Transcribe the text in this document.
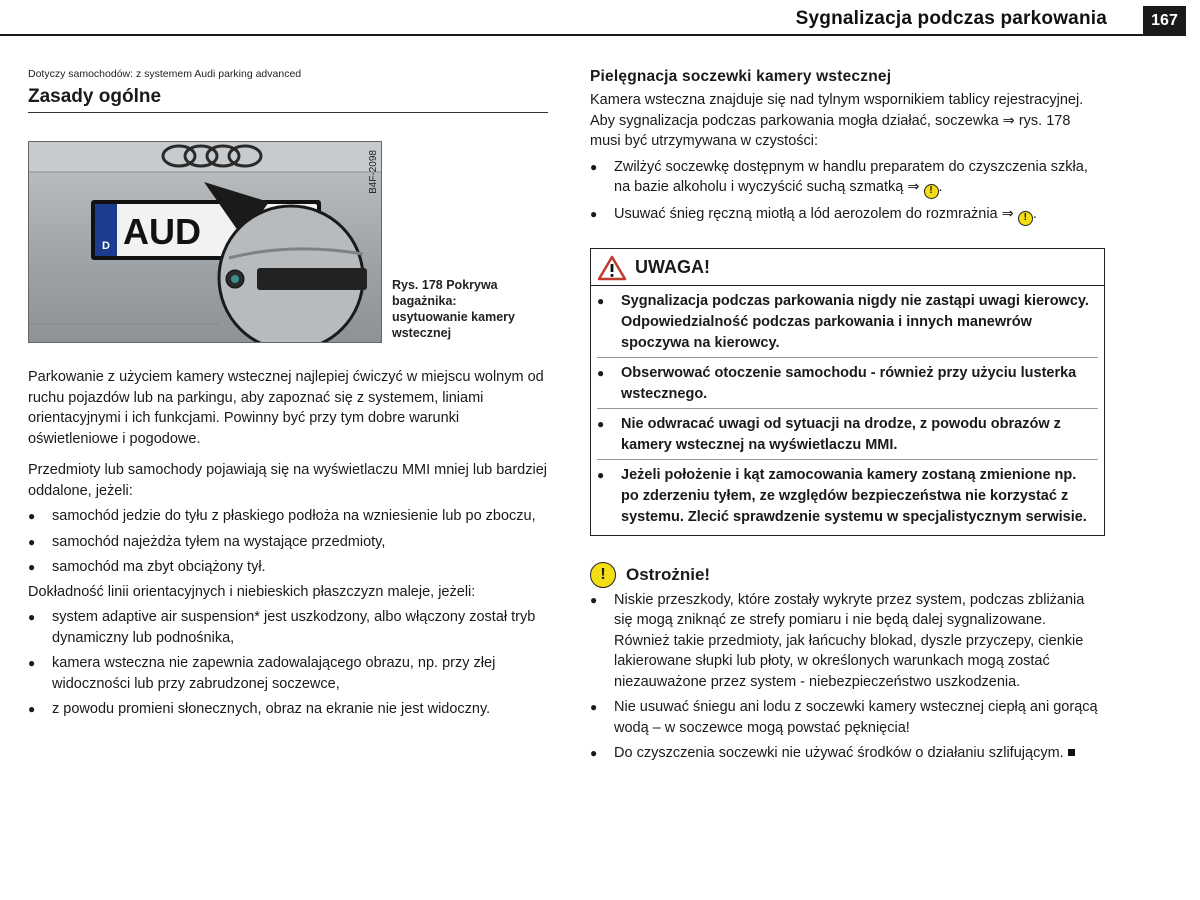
Sygnalizacja podczas parkowania	167
Dotyczy samochodów: z systemem Audi parking advanced
Zasady ogólne
D AUD
B4F-2098
Rys. 178 Pokrywa bagażnika: usytuowanie kamery wstecznej

Parkowanie z użyciem kamery wstecznej najlepiej ćwiczyć w miejscu wolnym od ruchu pojazdów lub na parkingu, aby zapoznać się z systemem, liniami orientacyjnymi i ich funkcjami. Powinny być przy tym dobre warunki oświetleniowe i pogodowe.

Przedmioty lub samochody pojawiają się na wyświetlaczu MMI mniej lub bardziej oddalone, jeżeli:

●	samochód jedzie do tyłu z płaskiego podłoża na wzniesienie lub po zboczu,
●	samochód najeżdża tyłem na wystające przedmioty,
●	samochód ma zbyt obciążony tył.

Dokładność linii orientacyjnych i niebieskich płaszczyzn maleje, jeżeli:

●	system adaptive air suspension* jest uszkodzony, albo włączony został tryb dynamiczny lub podnośnika,
●	kamera wsteczna nie zapewnia zadowalającego obrazu, np. przy złej widoczności lub przy zabrudzonej soczewce,
●	z powodu promieni słonecznych, obraz na ekranie nie jest widoczny.
Pielęgnacja soczewki kamery wstecznej

Kamera wsteczna znajduje się nad tylnym wspornikiem tablicy rejestracyjnej. Aby sygnalizacja podczas parkowania mogła działać, soczewka ⇒ rys. 178 musi być utrzymywana w czystości:

●	Zwilżyć soczewkę dostępnym w handlu preparatem do czyszczenia szkła, na bazie alkoholu i wyczyścić suchą szmatką ⇒ ! .
●	Usuwać śnieg ręczną miotłą a lód aerozolem do rozmrażnia ⇒ ! .
UWAGA!
●	Sygnalizacja podczas parkowania nigdy nie zastąpi uwagi kierowcy. Odpowiedzialność podczas parkowania i innych manewrów spoczywa na kierowcy.
●	Obserwować otoczenie samochodu - również przy użyciu lusterka wstecznego.
●	Nie odwracać uwagi od sytuacji na drodze, z powodu obrazów z kamery wstecznej na wyświetlaczu MMI.
●	Jeżeli położenie i kąt zamocowania kamery zostaną zmienione np. po zderzeniu tyłem, ze względów bezpieczeństwa nie korzystać z systemu. Zlecić sprawdzenie systemu w specjalistycznym serwisie.
!	Ostrożnie!
●	Niskie przeszkody, które zostały wykryte przez system, podczas zbliżania się mogą zniknąć ze strefy pomiaru i nie będą dalej sygnalizowane. Również takie przedmioty, jak łańcuchy blokad, dyszle przyczepy, cienkie lakierowane słupki lub płoty, w określonych warunkach mogą zostać niezauważone przez system - niebezpieczeństwo uszkodzenia.
●	Nie usuwać śniegu ani lodu z soczewki kamery wstecznej ciepłą ani gorącą wodą – w soczewce mogą powstać pęknięcia!
●	Do czyszczenia soczewki nie używać środków o działaniu szlifującym.
